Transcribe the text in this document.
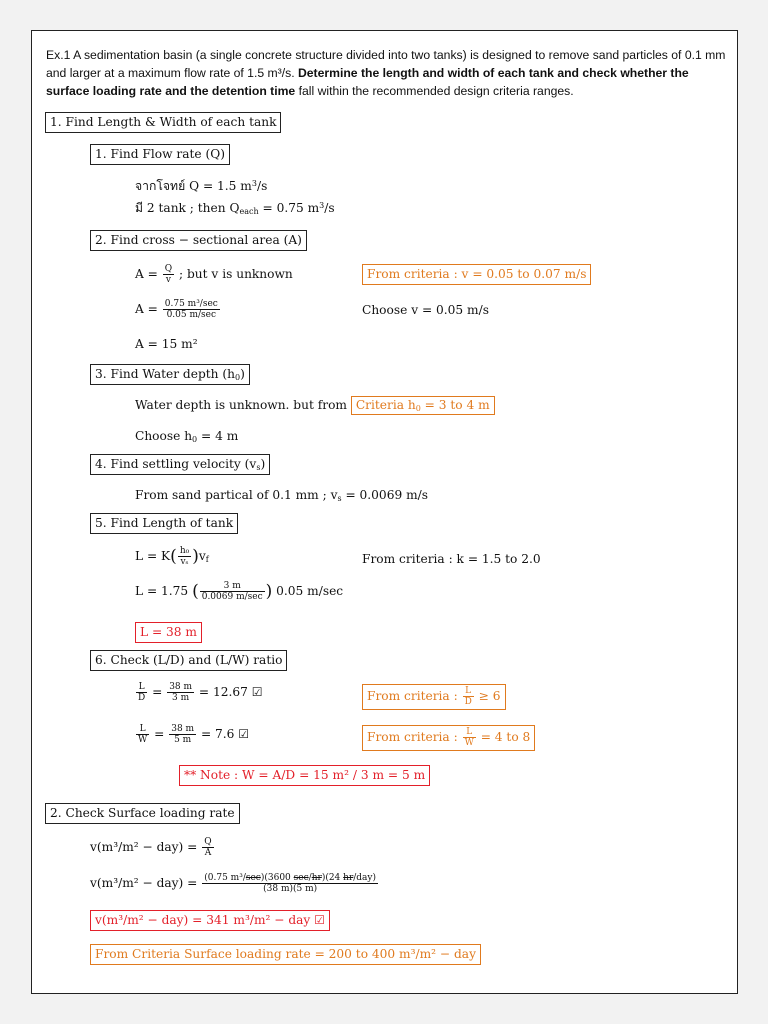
Ex.1 A sedimentation basin (a single concrete structure divided into two tanks) is designed to remove sand particles of 0.1 mm and larger at a maximum flow rate of 1.5 m³/s. Determine the length and width of each tank and check whether the surface loading rate and the detention time fall within the recommended design criteria ranges.
1. Find Length & Width of each tank
1. Find Flow rate (Q)
จากโจทย์ Q = 1.5 $m^3/s$
มี 2 tank ; then $Q_{each} = 0.75$ $m^3/s$
2. Find cross − sectional area (A)
$A = \frac{Q}{v}$ ; but v is unknown	From criteria : v = 0.05 to 0.07 m/s
$A = \frac{\text{0.75 m³/sec}}{0.05 m/\sec}$	Choose v = 0.05 m/s
A = 15 m²
3. Find Water depth $(h_0)$
Water depth is unknown. but from Criteria $h_0 = 3$ to 4 m
Choose $h_0 = 4$ m
4. Find settling velocity $(v_s)$
From sand partical of 0.1 mm ; $v_s = 0.0069$ m/s
5. Find Length of tank
$L = K( \frac{\text{h₀}}{\text{vₛ}} )v_f$	From criteria : k = 1.5 to 2.0
L = 1.75 ( $\frac{3 m}{0.0069 m/\sec}$ ) 0.05 m/sec
L = 38 m
6. Check (L/D) and (L/W) ratio
$\frac{L}{D} = \frac{38 m}{3 m} = 12.67$ ☑	From criteria : $\frac{L}{D} \ge 6$
$\frac{L}{W} = \frac{38 m}{5 m} = 7.6$ ☑	From criteria : $\frac{L}{W} = 4$ to 8
** Note : W = A/D = 15 m² / 3 m = 5 m
2. Check Surface loading rate
$v(m^3/m^2 - day) = \frac{Q}{A}$
$v(m^3/m^2 - day) = \frac{\text{(0.75 m³/sec)(3600 sec/hr)(24 hr/day)}}{(38 m)(5 m)}$
v(m³/m² − day) = 341 m³/m² − day ☑
From Criteria Surface loading rate = 200 to 400 m³/m² − day
